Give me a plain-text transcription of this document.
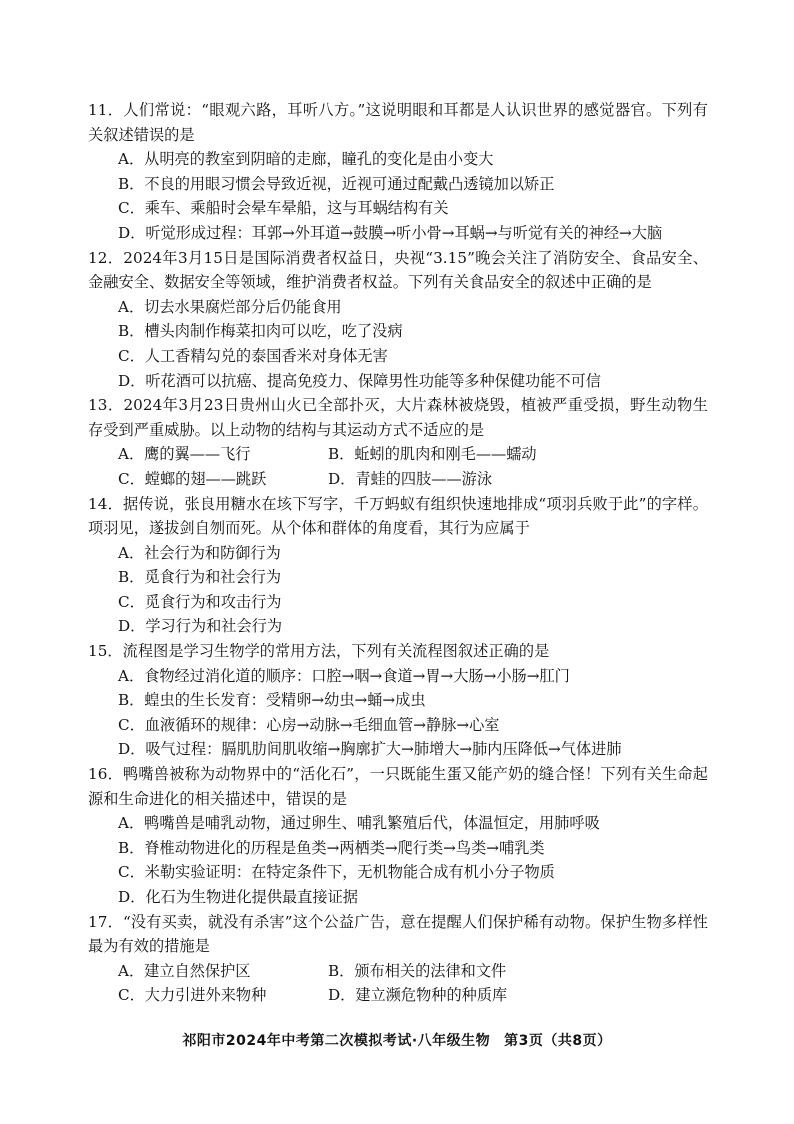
11．人们常说：“眼观六路，耳听八方。”这说明眼和耳都是人认识世界的感觉器官。下列有关叙述错误的是
A．从明亮的教室到阴暗的走廊，瞳孔的变化是由小变大
B．不良的用眼习惯会导致近视，近视可通过配戴凸透镜加以矫正
C．乘车、乘船时会晕车晕船，这与耳蜗结构有关
D．听觉形成过程：耳郭→外耳道→鼓膜→听小骨→耳蜗→与听觉有关的神经→大脑
12．2024年3月15日是国际消费者权益日，央视“3.15”晚会关注了消防安全、食品安全、金融安全、数据安全等领域，维护消费者权益。下列有关食品安全的叙述中正确的是
A．切去水果腐烂部分后仍能食用
B．槽头肉制作梅菜扣肉可以吃，吃了没病
C．人工香精勾兑的泰国香米对身体无害
D．听花酒可以抗癌、提高免疫力、保障男性功能等多种保健功能不可信
13．2024年3月23日贵州山火已全部扑灭，大片森林被烧毁，植被严重受损，野生动物生存受到严重威胁。以上动物的结构与其运动方式不适应的是
A．鹰的翼——飞行	B．蚯蚓的肌肉和刚毛——蠕动
C．螳螂的翅——跳跃	D．青蛙的四肢——游泳
14．据传说，张良用糖水在垓下写字，千万蚂蚁有组织快速地排成“项羽兵败于此”的字样。项羽见，遂拔剑自刎而死。从个体和群体的角度看，其行为应属于
A．社会行为和防御行为
B．觅食行为和社会行为
C．觅食行为和攻击行为
D．学习行为和社会行为
15．流程图是学习生物学的常用方法，下列有关流程图叙述正确的是
A．食物经过消化道的顺序：口腔→咽→食道→胃→大肠→小肠→肛门
B．蝗虫的生长发育：受精卵→幼虫→蛹→成虫
C．血液循环的规律：心房→动脉→毛细血管→静脉→心室
D．吸气过程：膈肌肋间肌收缩→胸廓扩大→肺增大→肺内压降低→气体进肺
16．鸭嘴兽被称为动物界中的“活化石”，一只既能生蛋又能产奶的缝合怪！下列有关生命起源和生命进化的相关描述中，错误的是
A．鸭嘴兽是哺乳动物，通过卵生、哺乳繁殖后代，体温恒定，用肺呼吸
B．脊椎动物进化的历程是鱼类→两栖类→爬行类→鸟类→哺乳类
C．米勒实验证明：在特定条件下，无机物能合成有机小分子物质
D．化石为生物进化提供最直接证据
17．“没有买卖，就没有杀害”这个公益广告，意在提醒人们保护稀有动物。保护生物多样性最为有效的措施是
A．建立自然保护区	B．颁布相关的法律和文件
C．大力引进外来物种	D．建立濒危物种的种质库
祁阳市2024年中考第二次模拟考试·八年级生物 第3页（共8页）
